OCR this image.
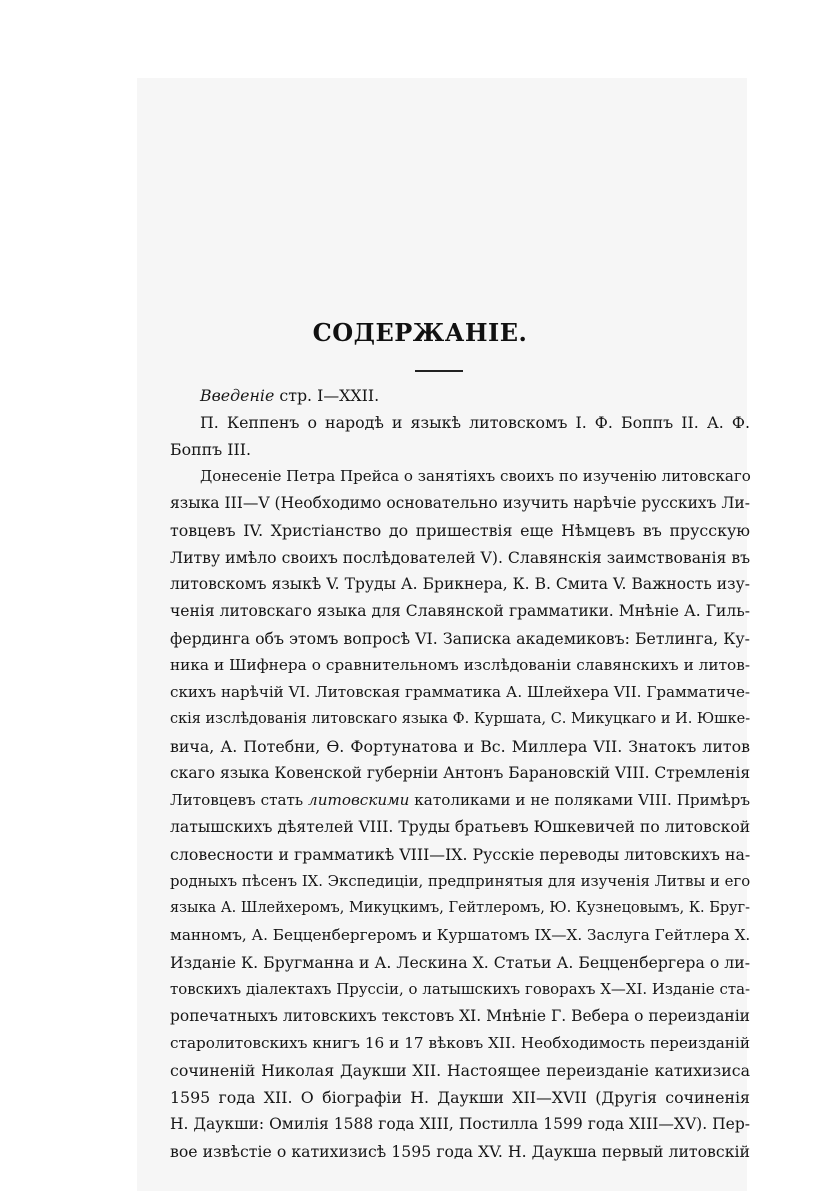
СОДЕРЖАНІЕ.
Введеніе стр. I—XXII.
П. Кеппенъ о народѣ и языкѣ литовскомъ I. Ф. Боппъ II. А. Ф.
Боппъ III.
Донесеніе Петра Прейса о занятіяхъ своихъ по изученію литовскаго
языка III—V (Необходимо основательно изучить нарѣчіе русскихъ Ли-
товцевъ IV. Христіанство до пришествія еще Нѣмцевъ въ прусскую
Литву имѣло своихъ послѣдователей V). Славянскія заимствованія въ
литовскомъ языкѣ V. Труды А. Брикнера, К. В. Смита V. Важность изу-
ченія литовскаго языка для Славянской грамматики. Мнѣніе А. Гиль-
фердинга объ этомъ вопросѣ VI. Записка академиковъ: Бетлинга, Ку-
ника и Шифнера о сравнительномъ изслѣдованіи славянскихъ и литов-
скихъ нарѣчій VI. Литовская грамматика А. Шлейхера VII. Грамматиче-
скія изслѣдованія литовскаго языка Ф. Куршата, С. Микуцкаго и И. Юшке-
вича, А. Потебни, Ѳ. Фортунатова и Вс. Миллера VII. Знатокъ литов
скаго языка Ковенской губерніи Антонъ Барановскій VIII. Стремленія
Литовцевъ стать литовскими католиками и не поляками VIII. Примѣръ
латышскихъ дѣятелей VIII. Труды братьевъ Юшкевичей по литовской
словесности и грамматикѣ VIII—IX. Русскіе переводы литовскихъ на-
родныхъ пѣсенъ IX. Экспедиціи, предпринятыя для изученія Литвы и его
языка А. Шлейхеромъ, Микуцкимъ, Гейтлеромъ, Ю. Кузнецовымъ, К. Бруг-
манномъ, А. Бецценбергеромъ и Куршатомъ IX—X. Заслуга Гейтлера X.
Изданіе К. Бругманна и А. Лескина X. Статьи А. Бецценбергера о ли-
товскихъ діалектахъ Пруссіи, о латышскихъ говорахъ X—XI. Изданіе ста-
ропечатныхъ литовскихъ текстовъ XI. Мнѣніе Г. Вебера о переизданіи
старолитовскихъ книгъ 16 и 17 вѣковъ XII. Необходимость переизданій
сочиненій Николая Даукши XII. Настоящее переизданіе катихизиса
1595 года XII. О біографіи Н. Даукши XII—XVII (Другія сочиненія
Н. Даукши: Омилія 1588 года XIII, Постилла 1599 года XIII—XV). Пер-
вое извѣстіе о катихизисѣ 1595 года XV. Н. Даукша первый литовскій
